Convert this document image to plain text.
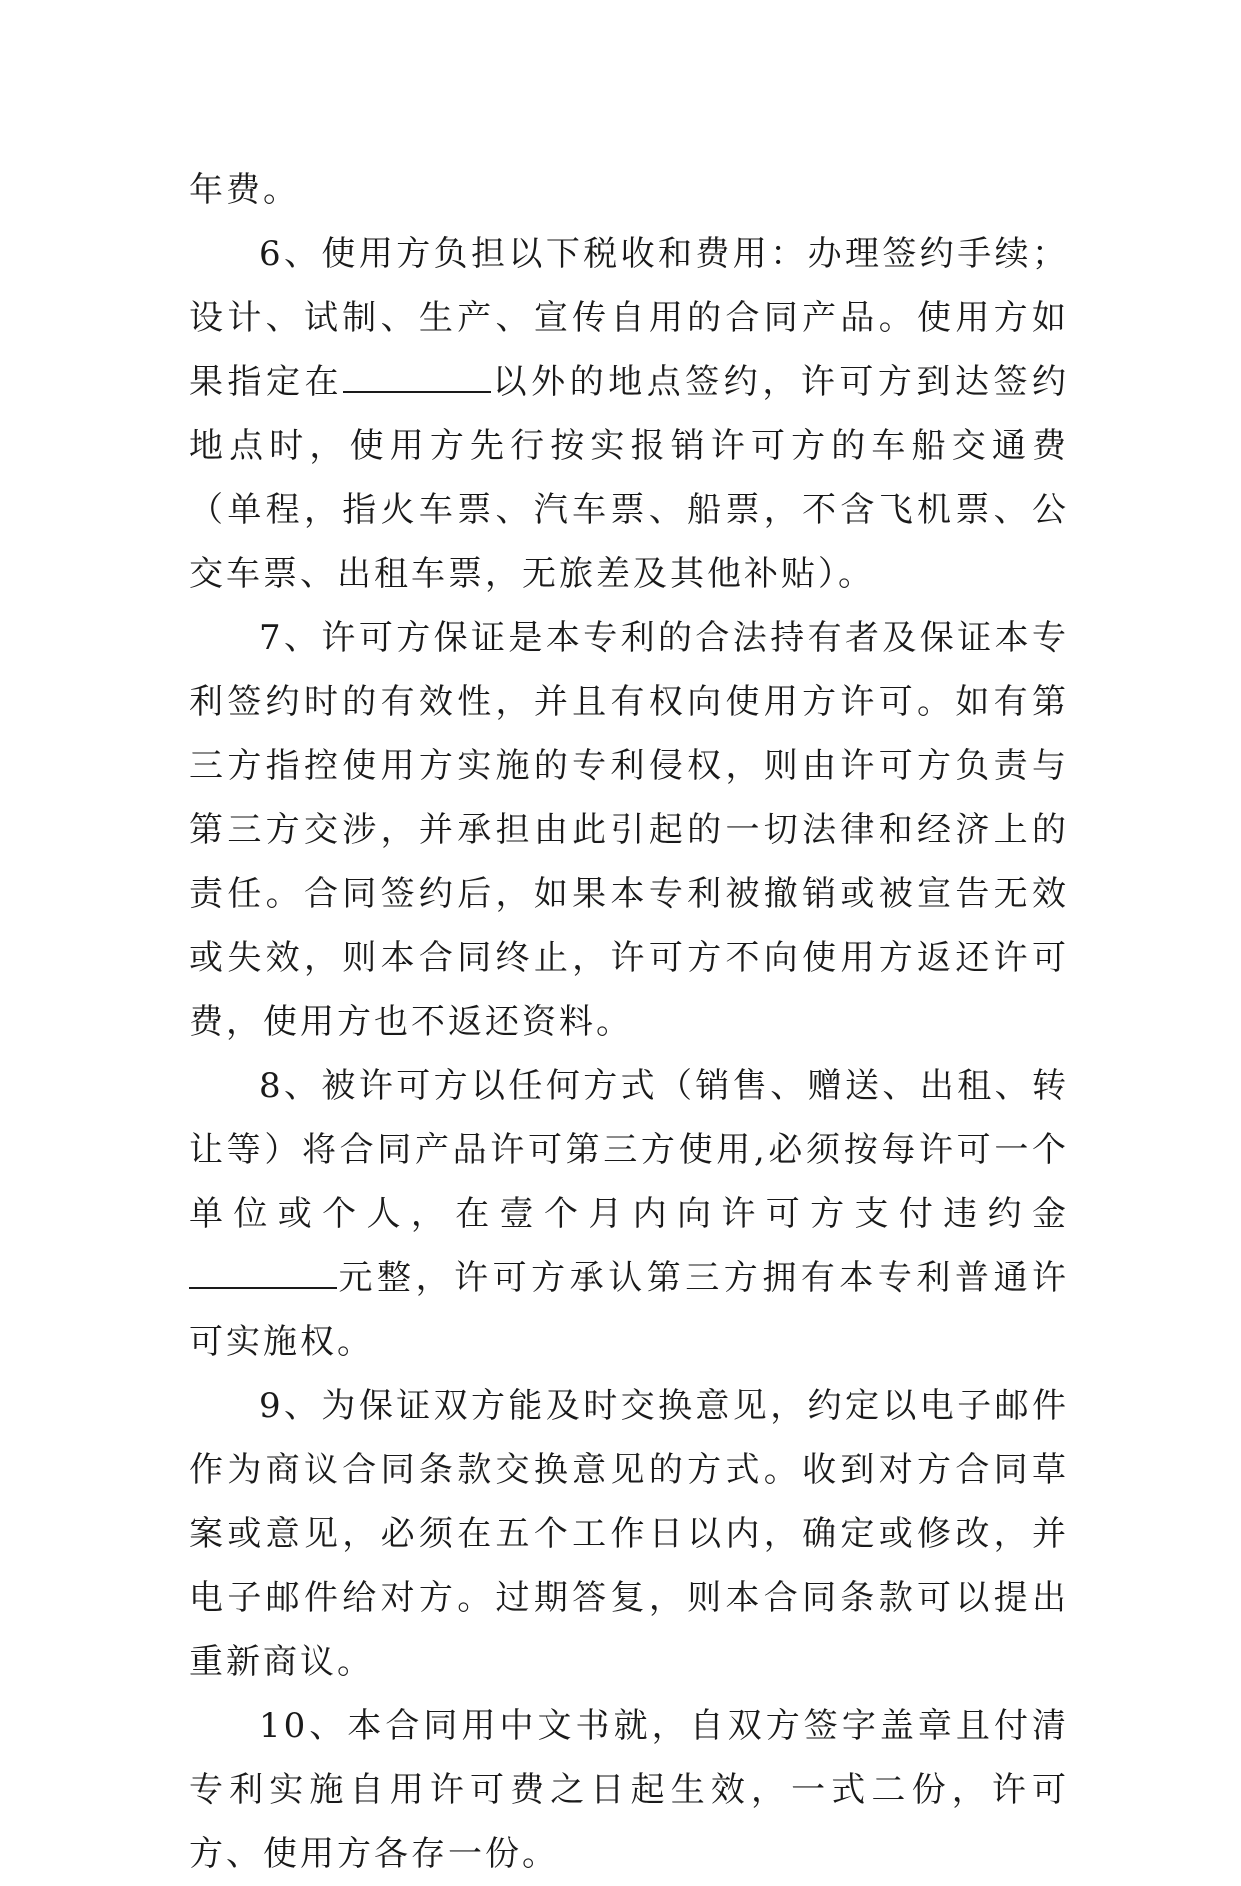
年费。

6、使用方负担以下税收和费用：办理签约手续；设计、试制、生产、宣传自用的合同产品。使用方如果指定在	以外的地点签约，许可方到达签约地点时，使用方先行按实报销许可方的车船交通费（单程，指火车票、汽车票、船票，不含飞机票、公交车票、出租车票，无旅差及其他补贴）。

7、许可方保证是本专利的合法持有者及保证本专利签约时的有效性，并且有权向使用方许可。如有第三方指控使用方实施的专利侵权，则由许可方负责与第三方交涉，并承担由此引起的一切法律和经济上的责任。合同签约后，如果本专利被撤销或被宣告无效或失效，则本合同终止，许可方不向使用方返还许可费，使用方也不返还资料。

8、被许可方以任何方式（销售、赠送、出租、转让等）将合同产品许可第三方使用,必须按每许可一个单位或个人，在壹个月内向许可方支付违约金元整，许可方承认第三方拥有本专利普通许可实施权。

9、为保证双方能及时交换意见，约定以电子邮件作为商议合同条款交换意见的方式。收到对方合同草案或意见，必须在五个工作日以内，确定或修改，并电子邮件给对方。过期答复，则本合同条款可以提出重新商议。

10、本合同用中文书就，自双方签字盖章且付清专利实施自用许可费之日起生效，一式二份，许可方、使用方各存一份。
